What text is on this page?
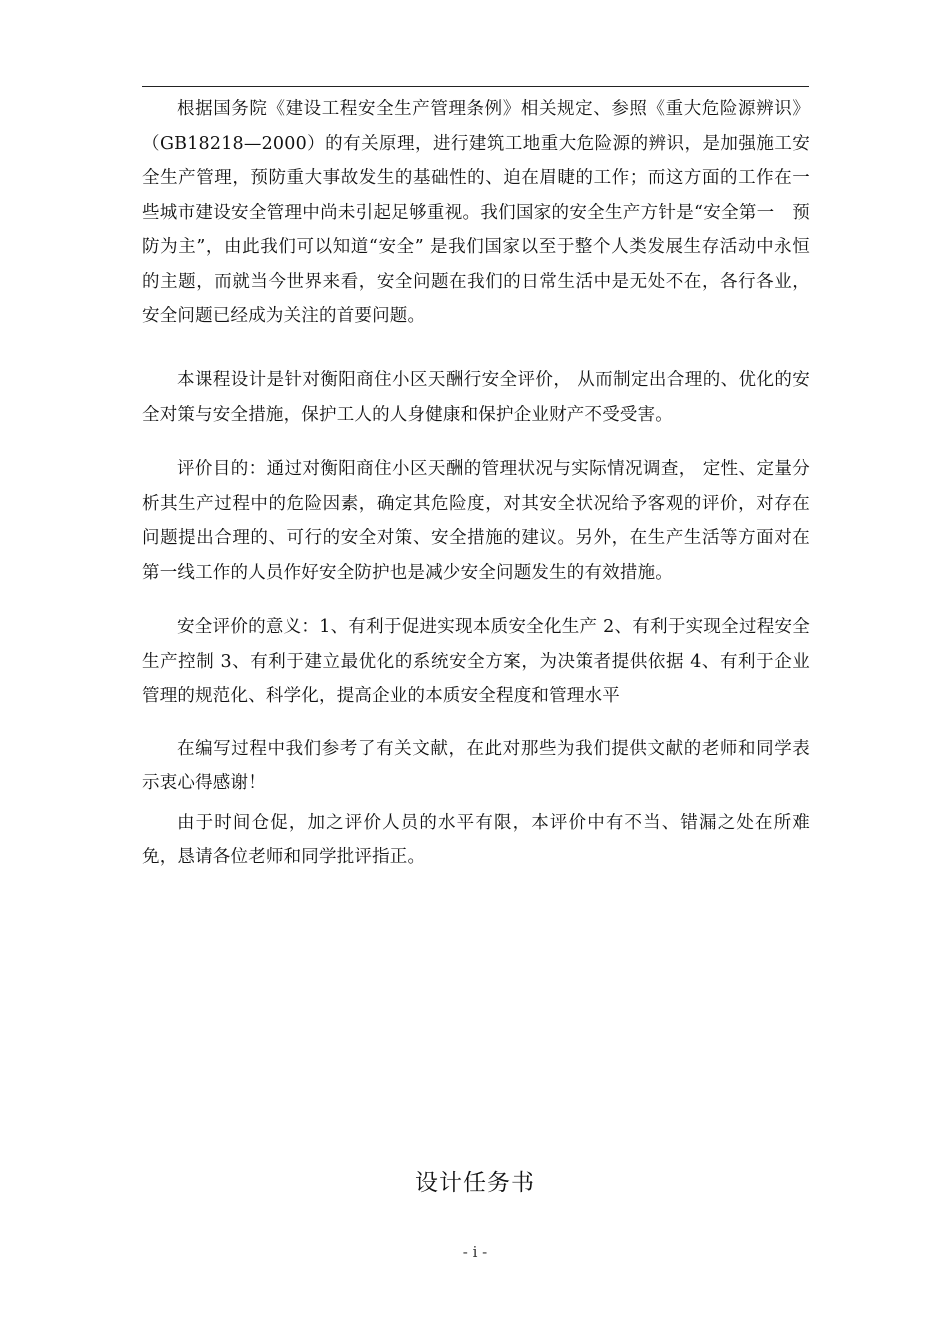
根据国务院《建设工程安全生产管理条例》相关规定、参照《重大危险源辨识》（GB18218—2000）的有关原理，进行建筑工地重大危险源的辨识，是加强施工安全生产管理，预防重大事故发生的基础性的、迫在眉睫的工作；而这方面的工作在一些城市建设安全管理中尚未引起足够重视。我们国家的安全生产方针是“安全第一　预防为主”，由此我们可以知道“安全” 是我们国家以至于整个人类发展生存活动中永恒的主题，而就当今世界来看，安全问题在我们的日常生活中是无处不在，各行各业，安全问题已经成为关注的首要问题。

本课程设计是针对衡阳商住小区天酬行安全评价， 从而制定出合理的、优化的安全对策与安全措施，保护工人的人身健康和保护企业财产不受受害。

评价目的：通过对衡阳商住小区天酬的管理状况与实际情况调查， 定性、定量分析其生产过程中的危险因素，确定其危险度，对其安全状况给予客观的评价，对存在问题提出合理的、可行的安全对策、安全措施的建议。另外，在生产生活等方面对在第一线工作的人员作好安全防护也是减少安全问题发生的有效措施。

安全评价的意义：1、有利于促进实现本质安全化生产 2、有利于实现全过程安全生产控制 3、有利于建立最优化的系统安全方案，为决策者提供依据 4、有利于企业管理的规范化、科学化，提高企业的本质安全程度和管理水平

在编写过程中我们参考了有关文献，在此对那些为我们提供文献的老师和同学表示衷心得感谢！

由于时间仓促，加之评价人员的水平有限，本评价中有不当、错漏之处在所难免，恳请各位老师和同学批评指正。

设计任务书
- i -
